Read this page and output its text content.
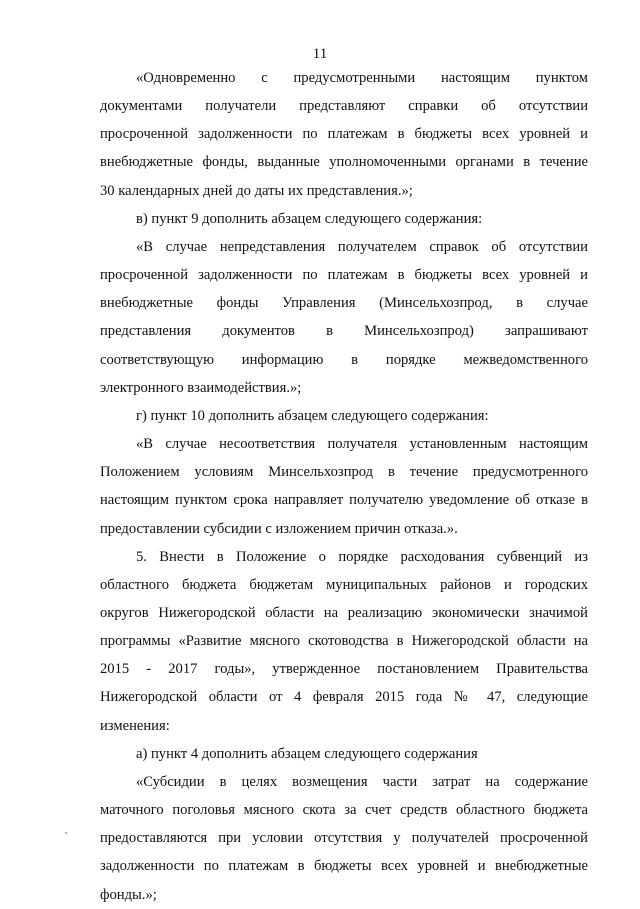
11

«Одновременно с предусмотренными настоящим пунктом
документами получатели представляют справки об отсутствии
просроченной задолженности по платежам в бюджеты всех уровней и
внебюджетные фонды, выданные уполномоченными органами в течение
30 календарных дней до даты их представления.»;

в) пункт 9 дополнить абзацем следующего содержания:

«В случае непредставления получателем справок об отсутствии
просроченной задолженности по платежам в бюджеты всех уровней и
внебюджетные фонды Управления (Минсельхозпрод, в случае
представления документов в Минсельхозпрод) запрашивают
соответствующую информацию в порядке межведомственного
электронного взаимодействия.»;

г) пункт 10 дополнить абзацем следующего содержания:

«В случае несоответствия получателя установленным настоящим
Положением условиям Минсельхозпрод в течение предусмотренного
настоящим пунктом срока направляет получателю уведомление об отказе в
предоставлении субсидии с изложением причин отказа.».

5. Внести в Положение о порядке расходования субвенций из
областного бюджета бюджетам муниципальных районов и городских
округов Нижегородской области на реализацию экономически значимой
программы «Развитие мясного скотоводства в Нижегородской области на
2015 - 2017 годы», утвержденное постановлением Правительства
Нижегородской области от 4 февраля 2015 года № 47, следующие
изменения:

а) пункт 4 дополнить абзацем следующего содержания

«Субсидии в целях возмещения части затрат на содержание
маточного поголовья мясного скота за счет средств областного бюджета
предоставляются при условии отсутствия у получателей просроченной
задолженности по платежам в бюджеты всех уровней и внебюджетные
фонды.»;
